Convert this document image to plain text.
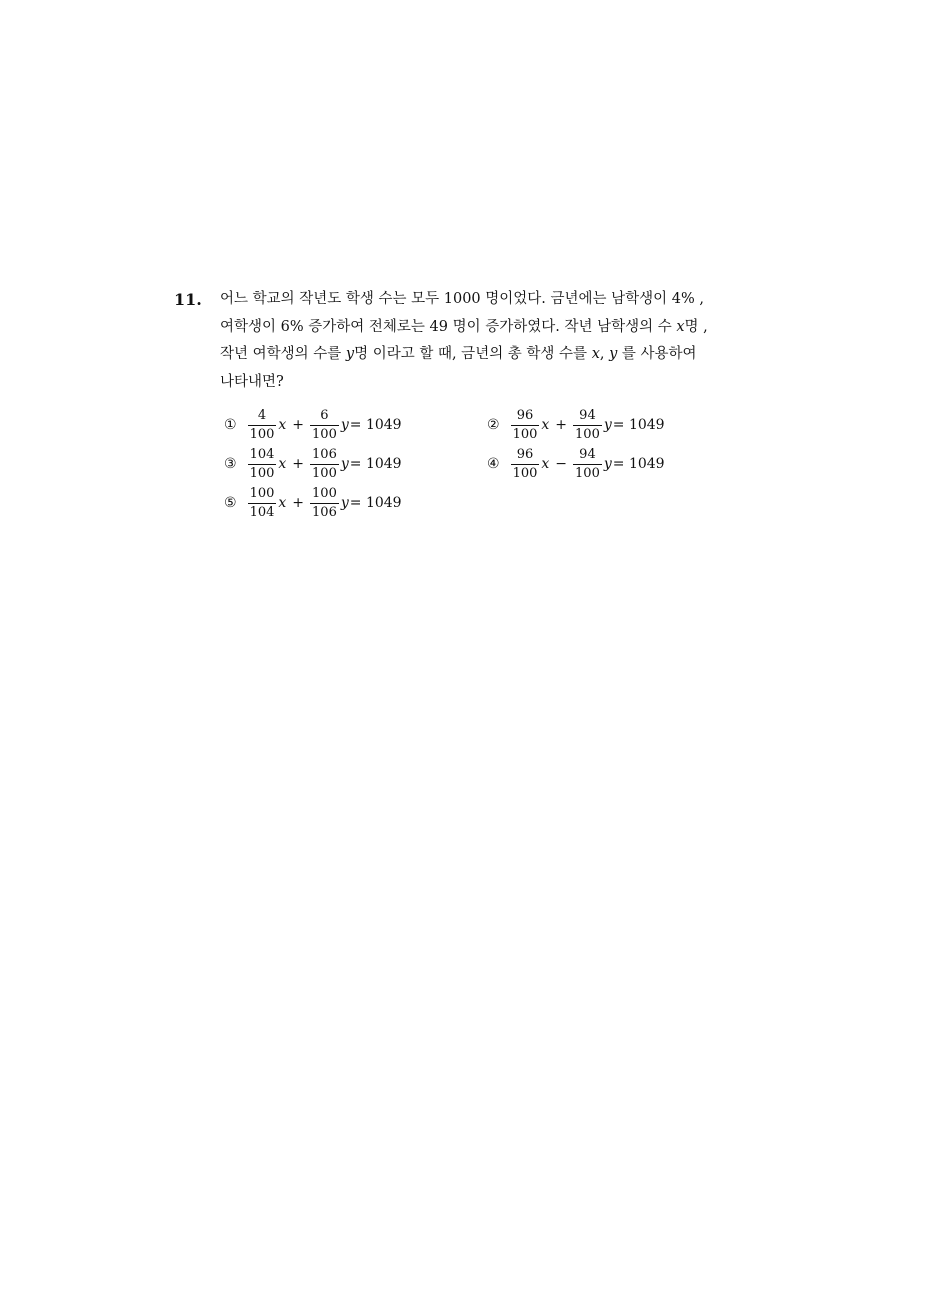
11. 어느 학교의 작년도 학생 수는 모두 1000 명이었다. 금년에는 남학생이 4% ,

여학생이 6% 증가하여 전체로는 49 명이 증가하였다. 작년 남학생의 수 x명 ,

작년 여학생의 수를 y명 이라고 할 때, 금년의 총 학생 수를 x, y 를 사용하여

나타내면?

① $\frac{4}{100}$ $x + \frac{6}{100}$ y = 1049	② $\frac{96}{100}$ $x + \frac{94}{100}$ y = 1049
③ $\frac{104}{100}$ $x + \frac{106}{100}$ y = 1049	④ $\frac{96}{100}$ $x - \frac{94}{100}$ y = 1049
⑤ $\frac{100}{104}$ $x + \frac{100}{106}$ y = 1049
